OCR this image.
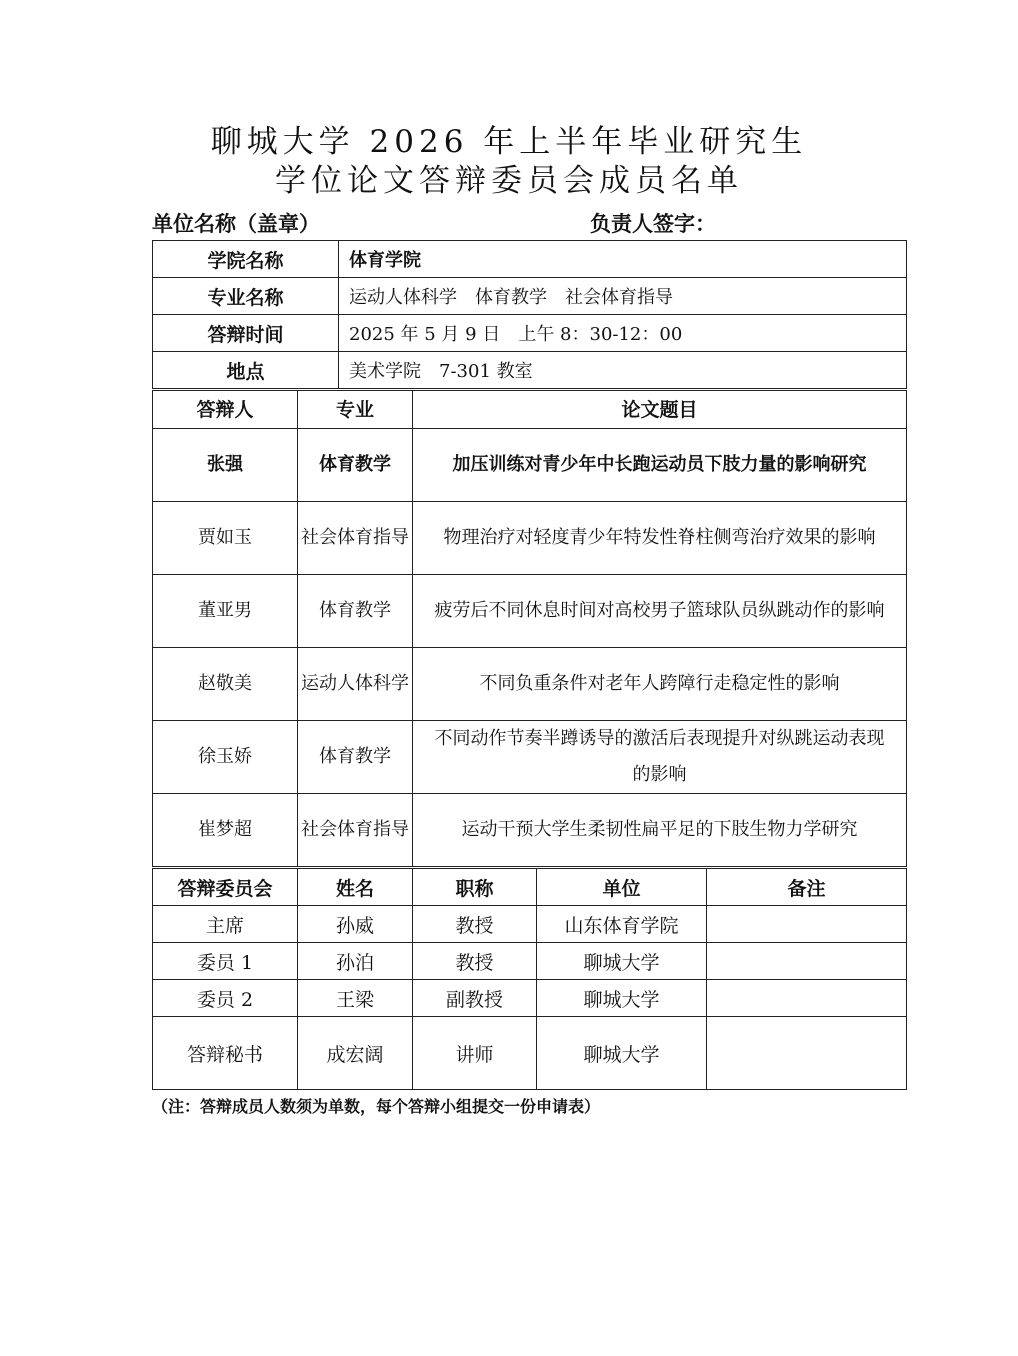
聊城大学 2026 年上半年毕业研究生
学位论文答辩委员会成员名单
单位名称（盖章）	负责人签字：
学院名称	体育学院
专业名称	运动人体科学　体育教学　社会体育指导
答辩时间	2025 年 5 月 9 日　上午 8：30-12：00
地点	美术学院　7-301 教室
答辩人	专业	论文题目
张强	体育教学	加压训练对青少年中长跑运动员下肢力量的影响研究
贾如玉	社会体育指导	物理治疗对轻度青少年特发性脊柱侧弯治疗效果的影响
董亚男	体育教学	疲劳后不同休息时间对高校男子篮球队员纵跳动作的影响
赵敬美	运动人体科学	不同负重条件对老年人跨障行走稳定性的影响
徐玉娇	体育教学	不同动作节奏半蹲诱导的激活后表现提升对纵跳运动表现的影响
崔梦超	社会体育指导	运动干预大学生柔韧性扁平足的下肢生物力学研究
答辩委员会	姓名	职称	单位	备注
主席	孙威	教授	山东体育学院	
委员 1	孙泊	教授	聊城大学	
委员 2	王梁	副教授	聊城大学	
答辩秘书	成宏阔	讲师	聊城大学	
（注：答辩成员人数须为单数，每个答辩小组提交一份申请表）
